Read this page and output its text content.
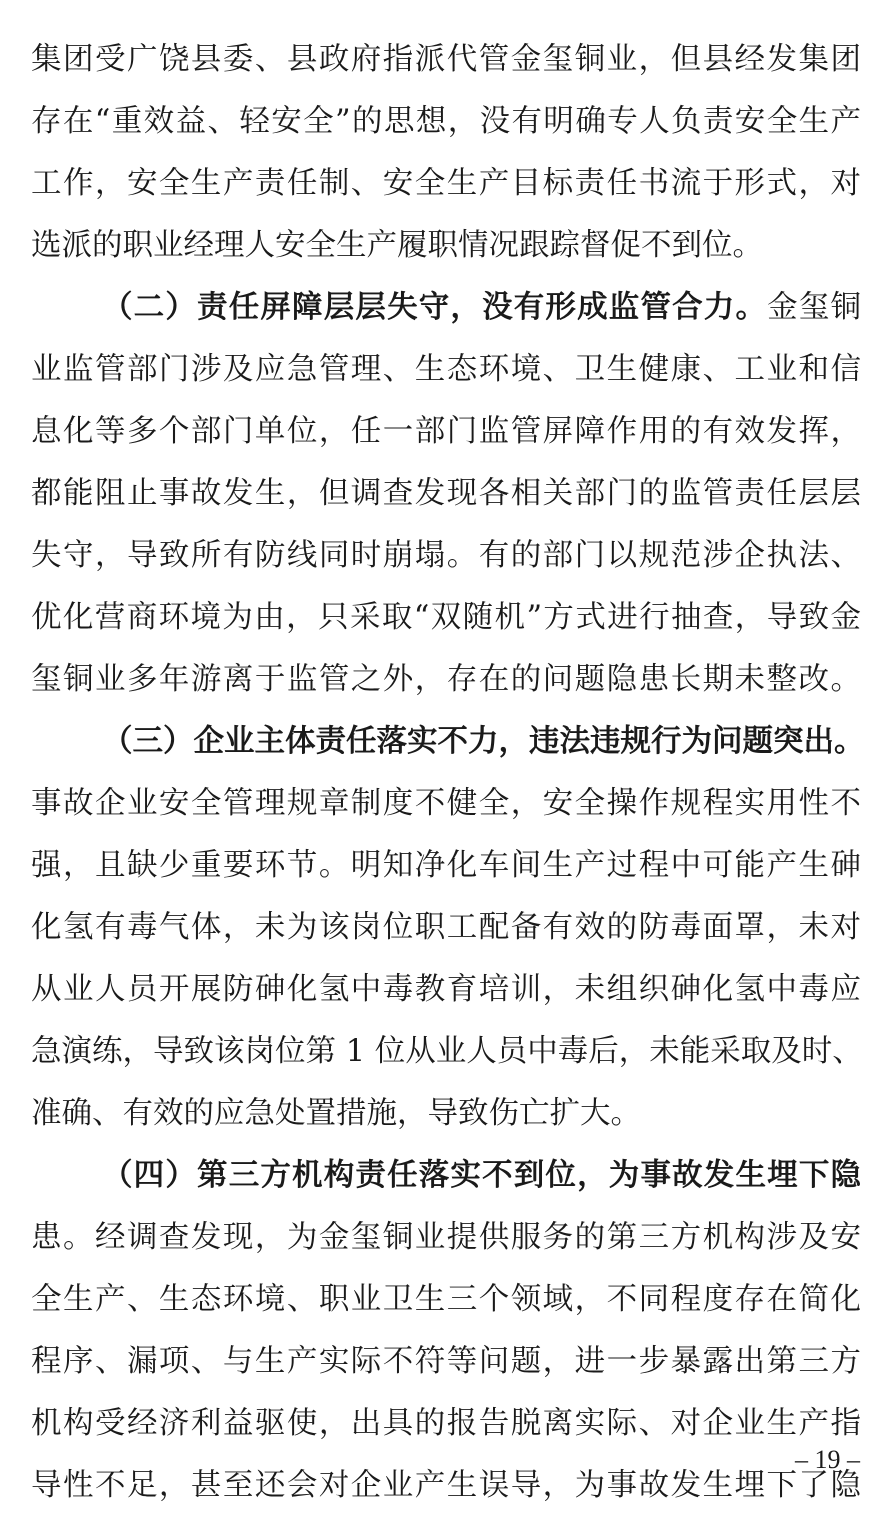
集团受广饶县委、县政府指派代管金玺铜业，但县经发集团
存在“重效益、轻安全”的思想，没有明确专人负责安全生产
工作，安全生产责任制、安全生产目标责任书流于形式，对
选派的职业经理人安全生产履职情况跟踪督促不到位。
（二）责任屏障层层失守，没有形成监管合力。金玺铜
业监管部门涉及应急管理、生态环境、卫生健康、工业和信
息化等多个部门单位，任一部门监管屏障作用的有效发挥，
都能阻止事故发生，但调查发现各相关部门的监管责任层层
失守，导致所有防线同时崩塌。有的部门以规范涉企执法、
优化营商环境为由，只采取“双随机”方式进行抽查，导致金
玺铜业多年游离于监管之外，存在的问题隐患长期未整改。
（三）企业主体责任落实不力，违法违规行为问题突出。
事故企业安全管理规章制度不健全，安全操作规程实用性不
强，且缺少重要环节。明知净化车间生产过程中可能产生砷
化氢有毒气体，未为该岗位职工配备有效的防毒面罩，未对
从业人员开展防砷化氢中毒教育培训，未组织砷化氢中毒应
急演练，导致该岗位第 1 位从业人员中毒后，未能采取及时、
准确、有效的应急处置措施，导致伤亡扩大。
（四）第三方机构责任落实不到位，为事故发生埋下隐
患。经调查发现，为金玺铜业提供服务的第三方机构涉及安
全生产、生态环境、职业卫生三个领域，不同程度存在简化
程序、漏项、与生产实际不符等问题，进一步暴露出第三方
机构受经济利益驱使，出具的报告脱离实际、对企业生产指
导性不足，甚至还会对企业产生误导，为事故发生埋下了隐
– 19 –
